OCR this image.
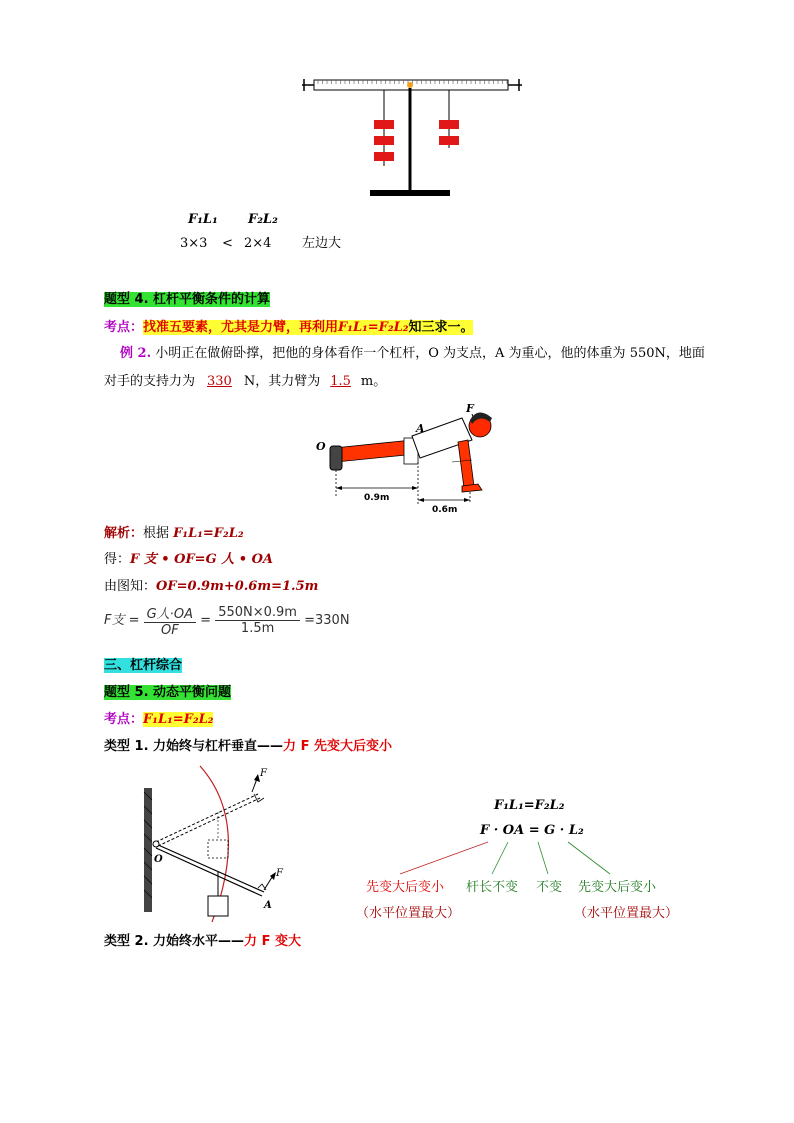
F₁L₁ F₂L₂
3×3 < 2×4 左边大
题型 4. 杠杆平衡条件的计算
考点：找准五要素，尤其是力臂，再利用F₁L₁=F₂L₂知三求一。
例 2. 小明正在做俯卧撑，把他的身体看作一个杠杆，O 为支点，A 为重心，他的体重为 550N，地面
对手的支持力为 330 N，其力臂为 1.5 m。
O
A
F
0.9m
0.6m
解析：根据 F₁L₁=F₂L₂
得：F 支 • OF=G 人 • OA
由图知：OF=0.9m+0.6m=1.5m
F支 = $\frac{\text{G人⋅OA}}{OF} = \frac{550N\times 0.9m}{1.5m} =330N$
三、杠杆综合
题型 5. 动态平衡问题
考点：F₁L₁=F₂L₂
类型 1. 力始终与杠杆垂直——力 F 先变大后变小
F
O
F
A
F₁L₁=F₂L₂
F · OA = G · L₂
先变大后变小 杆长不变 不变 先变大后变小
（水平位置最大）	（水平位置最大）
类型 2. 力始终水平——力 F 变大
